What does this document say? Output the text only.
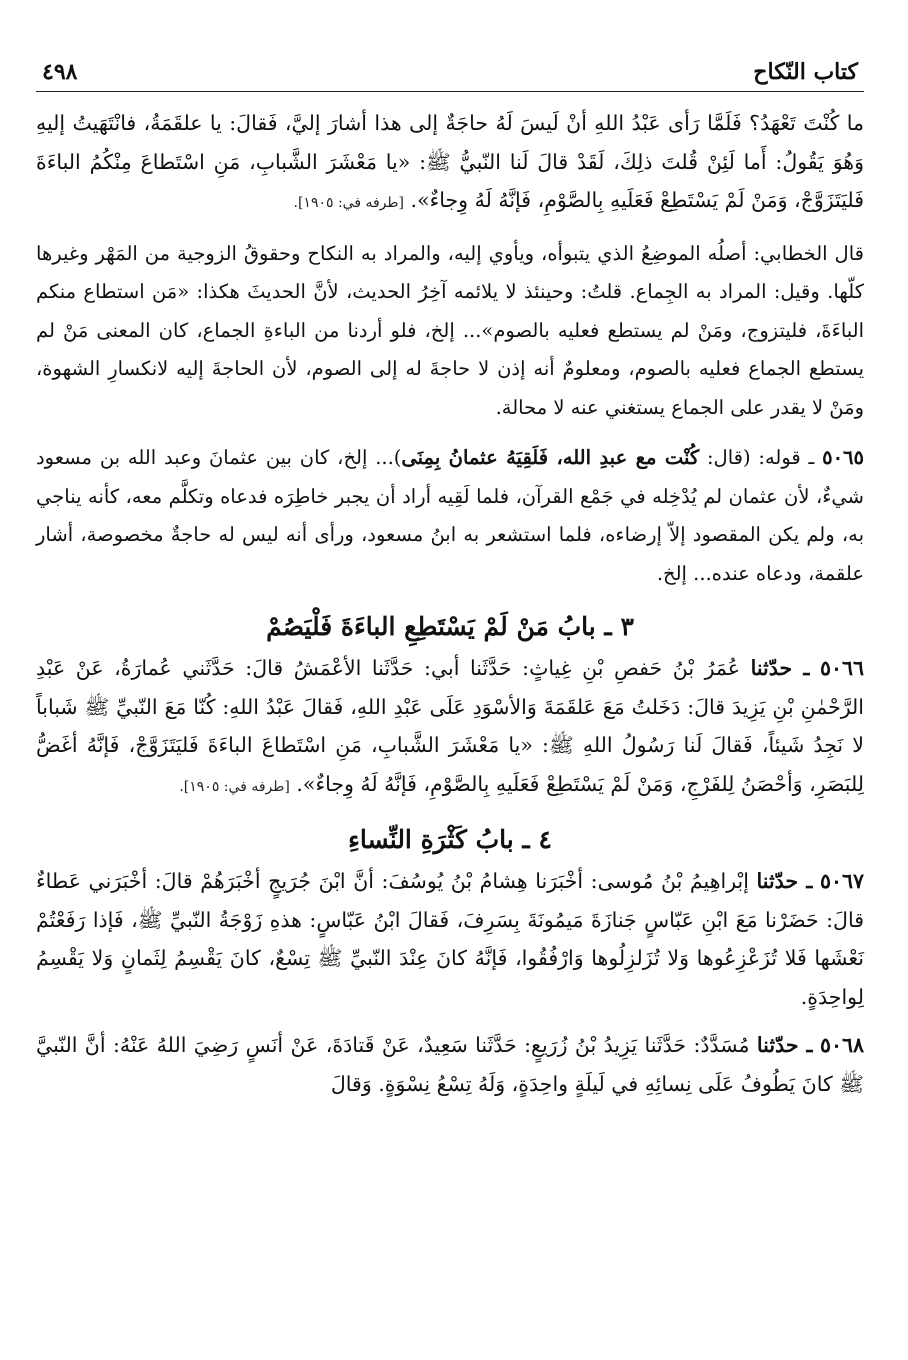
كتاب النّكاح
٤٩٨

ما كُنْتَ تَعْهَدُ؟ فَلَمَّا رَأى عَبْدُ اللهِ أنْ لَيسَ لَهُ حاجَةٌ إلى هذا أشارَ إليَّ، فَقالَ: يا علقَمَةُ، فانْتَهَيتُ إليهِ وَهُوَ يَقُولُ: أَما لَئِنْ قُلتَ ذلِكَ، لَقَدْ قالَ لَنا النّبيُّ ﷺ: «يا مَعْشَرَ الشَّبابِ، مَنِ اسْتَطاعَ مِنْكُمُ الباءَةَ فَليَتَزَوَّجْ، وَمَنْ لَمْ يَسْتَطِعْ فَعَلَيهِ بِالصَّوْمِ، فَإنَّهُ لَهُ وِجاءٌ». [طرفه في: ١٩٠٥].

قال الخطابي: أصلُه الموضِعُ الذي يتبوأه، ويأوي إليه، والمراد به النكاح وحقوقُ الزوجية من المَهْر وغيرها كلّها. وقيل: المراد به الجِماع. قلتُ: وحينئذ لا يلائمه آخِرُ الحديث، لأنَّ الحديثَ هكذا: «مَن استطاع منكم الباءَةَ، فليتزوج، ومَنْ لم يستطع فعليه بالصوم»... إلخ، فلو أردنا من الباءةِ الجماع، كان المعنى مَنْ لم يستطع الجماع فعليه بالصوم، ومعلومٌ أنه إذن لا حاجةَ له إلى الصوم، لأن الحاجةَ إليه لانكسارِ الشهوة، ومَنْ لا يقدر على الجماع يستغني عنه لا محالة.

٥٠٦٥ ـ قوله: (قال: كُنْت مع عبدِ الله، فَلَقِيَهُ عثمانُ بِمِنَى)... إلخ، كان بين عثمانَ وعبد الله بن مسعود شيءٌ، لأن عثمان لم يُدْخِله في جَمْع القرآن، فلما لَقِيه أراد أن يجبر خاطِرَه فدعاه وتكلَّم معه، كأنه يناجي به، ولم يكن المقصود إلاّ إرضاءه، فلما استشعر به ابنُ مسعود، ورأى أنه ليس له حاجةٌ مخصوصة، أشار علقمة، ودعاه عنده... إلخ.

٣ ـ بابُ مَنْ لَمْ يَسْتَطِعِ الباءَةَ فَلْيَصُمْ

٥٠٦٦ ـ حدّثنا عُمَرُ بْنُ حَفصِ بْنِ غِياثٍ: حَدَّثَنا أبي: حَدَّثَنا الأعْمَشُ قالَ: حَدَّثَني عُمارَةُ، عَنْ عَبْدِ الرَّحْمٰنِ بْنِ يَزِيدَ قالَ: دَخَلتُ مَعَ عَلقَمَةَ وَالأسْوَدِ عَلَى عَبْدِ اللهِ، فَقالَ عَبْدُ اللهِ: كُنّا مَعَ النّبيِّ ﷺ شَباباً لا نَجِدُ شَيئاً، فَقالَ لَنا رَسُولُ اللهِ ﷺ: «يا مَعْشَرَ الشَّبابِ، مَنِ اسْتَطاعَ الباءَةَ فَليَتَزَوَّجْ، فَإنَّهُ أغَضُّ لِلبَصَرِ، وَأحْصَنُ لِلفَرْجِ، وَمَنْ لَمْ يَسْتَطِعْ فَعَلَيهِ بِالصَّوْمِ، فَإنَّهُ لَهُ وِجاءٌ». [طرفه في: ١٩٠٥].

٤ ـ بابُ كَثْرَةِ النِّساءِ

٥٠٦٧ ـ حدّثنا إبْراهِيمُ بْنُ مُوسى: أخْبَرَنا هِشامُ بْنُ يُوسُفَ: أنَّ ابْنَ جُرَيجٍ أخْبَرَهُمْ قالَ: أخْبَرَني عَطاءٌ قالَ: حَضَرْنا مَعَ ابْنِ عَبّاسٍ جَنازَةَ مَيمُونَةَ بِسَرِفَ، فَقالَ ابْنُ عَبّاسٍ: هذهِ زَوْجَةُ النّبيِّ ﷺ، فَإذا رَفَعْتُمْ نَعْشَها فَلا تُزَعْزِعُوها وَلا تُزَلزِلُوها وَارْفُقُوا، فَإنَّهُ كانَ عِنْدَ النّبيِّ ﷺ تِسْعٌ، كانَ يَقْسِمُ لِثَمانٍ وَلا يَقْسِمُ لِواحِدَةٍ.

٥٠٦٨ ـ حدّثنا مُسَدَّدٌ: حَدَّثَنا يَزِيدُ بْنُ زُرَيعٍ: حَدَّثَنا سَعِيدٌ، عَنْ قَتادَةَ، عَنْ أنَسٍ رَضِيَ اللهُ عَنْهُ: أنَّ النّبيَّ ﷺ كانَ يَطُوفُ عَلَى نِسائِهِ في لَيلَةٍ واحِدَةٍ، وَلَهُ تِسْعُ نِسْوَةٍ. وَقالَ
